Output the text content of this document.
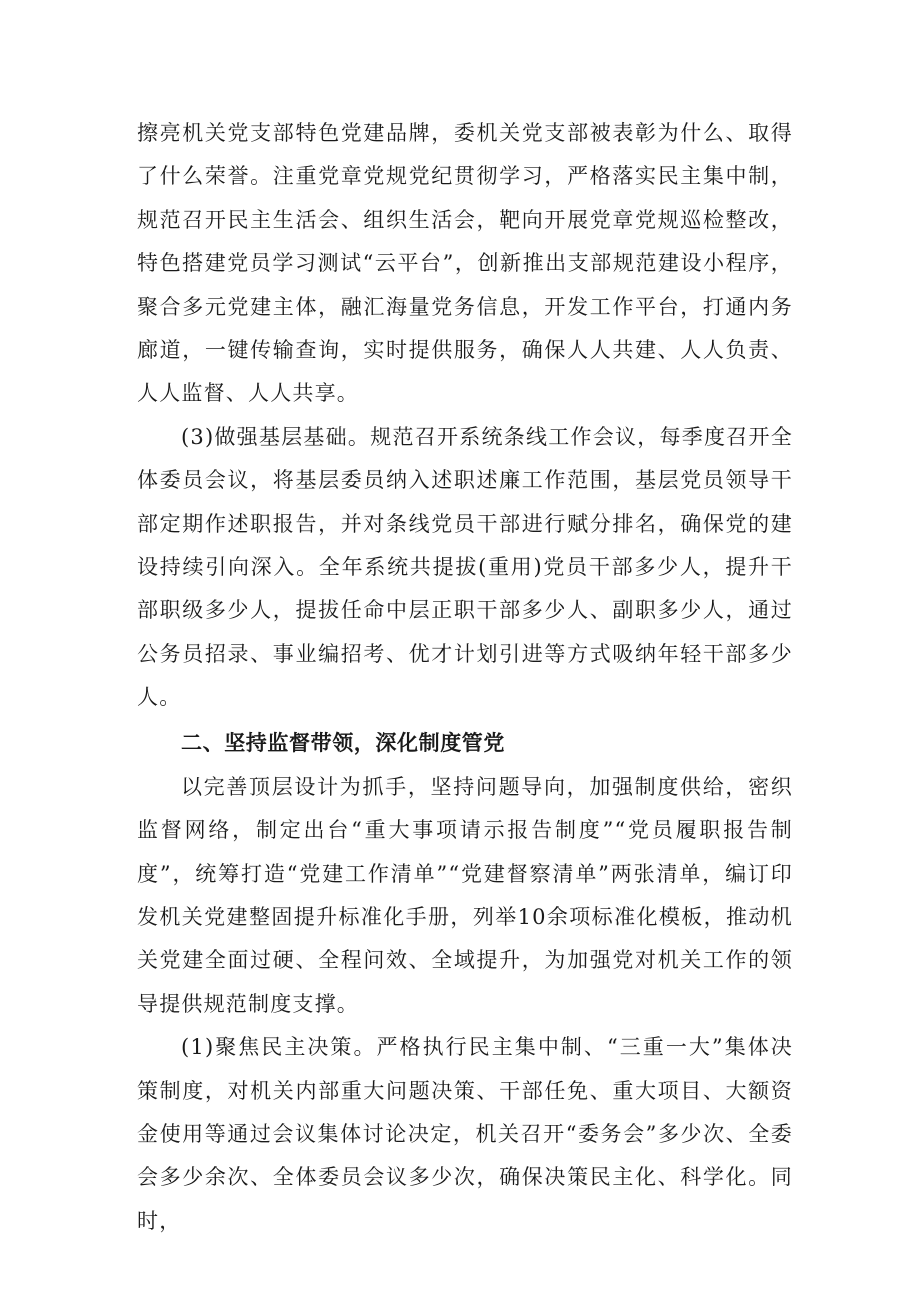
擦亮机关党支部特色党建品牌，委机关党支部被表彰为什么、取得了什么荣誉。注重党章党规党纪贯彻学习，严格落实民主集中制，规范召开民主生活会、组织生活会，靶向开展党章党规巡检整改，特色搭建党员学习测试“云平台”，创新推出支部规范建设小程序，聚合多元党建主体，融汇海量党务信息，开发工作平台，打通内务廊道，一键传输查询，实时提供服务，确保人人共建、人人负责、人人监督、人人共享。

(3)做强基层基础。规范召开系统条线工作会议，每季度召开全体委员会议，将基层委员纳入述职述廉工作范围，基层党员领导干部定期作述职报告，并对条线党员干部进行赋分排名，确保党的建设持续引向深入。全年系统共提拔(重用)党员干部多少人，提升干部职级多少人，提拔任命中层正职干部多少人、副职多少人，通过公务员招录、事业编招考、优才计划引进等方式吸纳年轻干部多少人。

二、坚持监督带领，深化制度管党

以完善顶层设计为抓手，坚持问题导向，加强制度供给，密织监督网络，制定出台“重大事项请示报告制度”“党员履职报告制度”，统筹打造“党建工作清单”“党建督察清单”两张清单，编订印发机关党建整固提升标准化手册，列举10余项标准化模板，推动机关党建全面过硬、全程问效、全域提升，为加强党对机关工作的领导提供规范制度支撑。

(1)聚焦民主决策。严格执行民主集中制、“三重一大”集体决策制度，对机关内部重大问题决策、干部任免、重大项目、大额资金使用等通过会议集体讨论决定，机关召开“委务会”多少次、全委会多少余次、全体委员会议多少次，确保决策民主化、科学化。同时，
